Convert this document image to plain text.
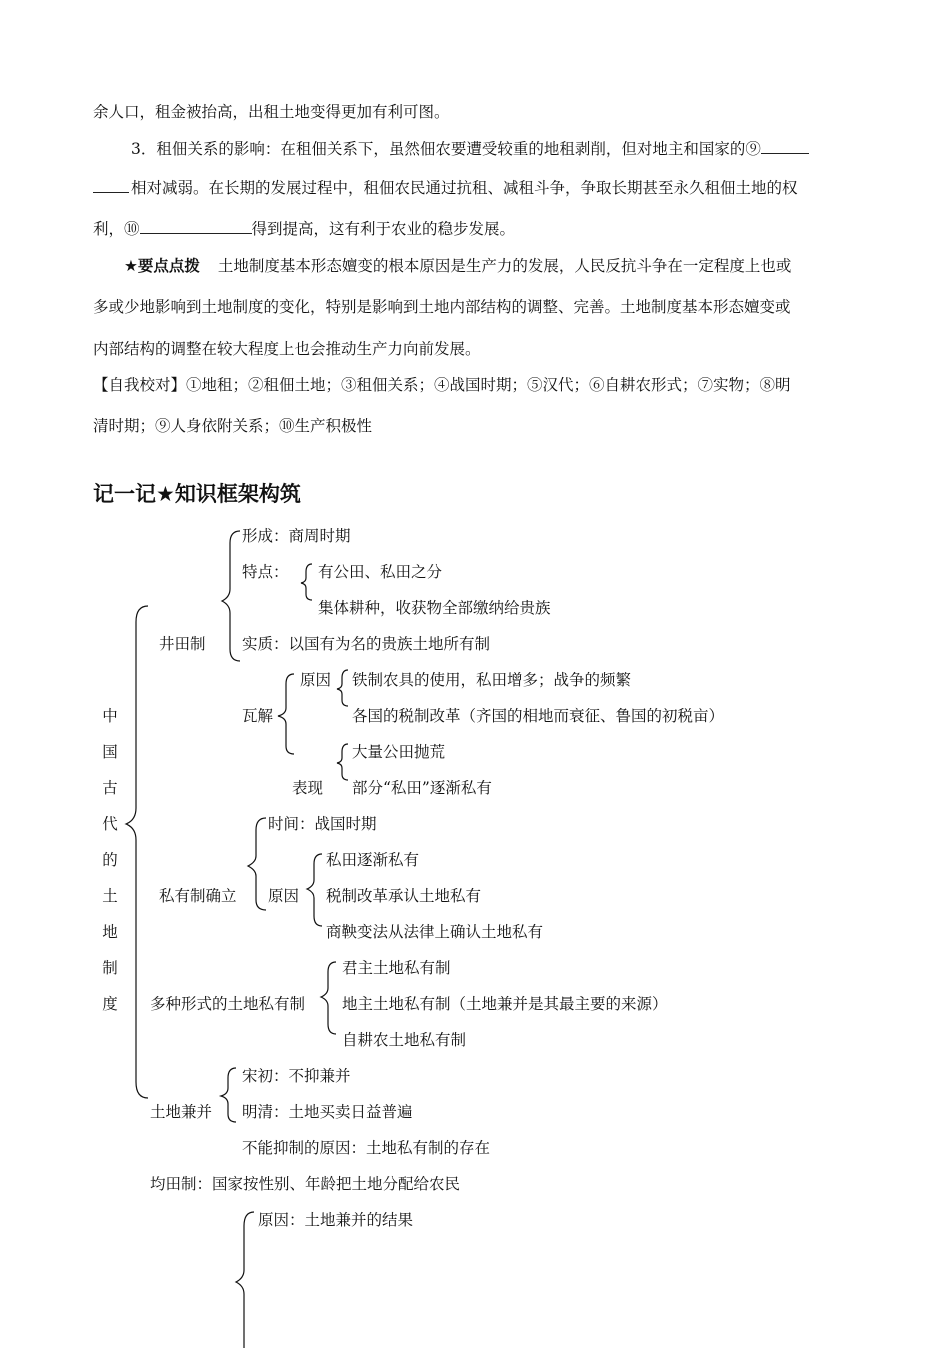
余人口，租金被抬高，出租土地变得更加有利可图。
3．租佃关系的影响：在租佃关系下，虽然佃农要遭受较重的地租剥削，但对地主和国家的⑨
相对减弱。在长期的发展过程中，租佃农民通过抗租、减租斗争，争取长期甚至永久租佃土地的权
利，⑩	得到提高，这有利于农业的稳步发展。
★要点点拨 土地制度基本形态嬗变的根本原因是生产力的发展，人民反抗斗争在一定程度上也或
多或少地影响到土地制度的变化，特别是影响到土地内部结构的调整、完善。土地制度基本形态嬗变或
内部结构的调整在较大程度上也会推动生产力向前发展。
【自我校对】①地租；②租佃土地；③租佃关系；④战国时期；⑤汉代；⑥自耕农形式；⑦实物；⑧明
清时期；⑨人身依附关系；⑩生产积极性
记一记★知识框架构筑
中
国
古
代
的
土
地
制
度
井田制
形成：商周时期
特点： 有公田、私田之分
集体耕种，收获物全部缴纳给贵族
实质：以国有为名的贵族土地所有制
瓦解
原因 铁制农具的使用，私田增多；战争的频繁
各国的税制改革（齐国的相地而衰征、鲁国的初税亩）
表现
大量公田抛荒
部分“私田”逐渐私有
私有制确立
时间：战国时期
原因
私田逐渐私有
税制改革承认土地私有
商鞅变法从法律上确认土地私有
多种形式的土地私有制
君主土地私有制
地主土地私有制（土地兼并是其最主要的来源）
自耕农土地私有制
土地兼并
宋初：不抑兼并
明清：土地买卖日益普遍
不能抑制的原因：土地私有制的存在
均田制：国家按性别、年龄把土地分配给农民
原因：土地兼并的结果
